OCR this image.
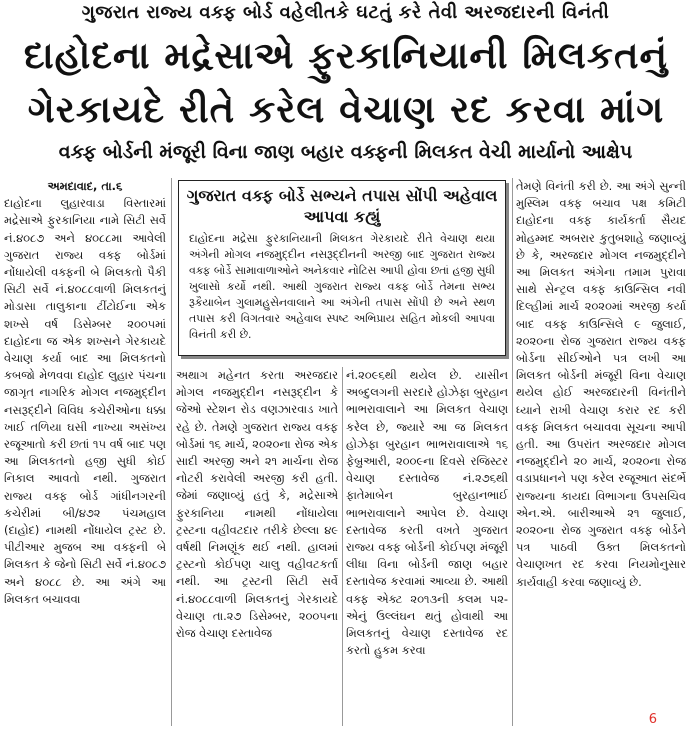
ગુજરાત રાજ્ય વક્ફ બોર્ડ વહેલીતકે ઘટતું કરે તેવી અરજદારની વિનંતી
દાહોદના મદ્રેસાએ ફુરકાનિયાની મિલકતનું
ગેરકાયદે રીતે કરેલ વેચાણ રદ કરવા માંગ
વક્ફ બોર્ડની મંજૂરી વિના જાણ બહાર વક્ફની મિલકત વેચી માર્યાનો આક્ષેપ
અમદાવાદ, તા.૬
દાહોદના લુહારવાડા વિસ્તારમાં મદ્રેસાએ ફુરકાનિયા નામે સિટી સર્વે નં.૪૦૮૭ અને ૪૦૮૮મા આવેલી ગુજરાત રાજ્ય વક્ફ બોર્ડમાં નોંધાયેલી વક્ફની બે મિલકતો પૈકી સિટી સર્વે નં.૪૦૮૮વાળી મિલકતનું મોડાસા તાલુકાના ટીંટોઈના એક શખ્સે વર્ષ ડિસેમ્બર ૨૦૦૫માં દાહોદના જ એક શખ્સને ગેરકાયદે વેચાણ કર્યા બાદ આ મિલકતનો કબજો મેળવવા દાહોદ લુહાર પંચના જાગૃત નાગરિક મોગલ નજમુદ્દીન નસરૂદ્દીને વિવિધ કચેરીઓના ધક્કા ખાઈ તળિયા ઘસી નાખ્યા અસંખ્ય રજૂઆતો કરી છતાં ૧૫ વર્ષ બાદ પણ આ મિલકતનો હજી સુધી કોઈ નિકાલ આવતો નથી. ગુજરાત રાજ્ય વક્ફ બોર્ડ ગાંધીનગરની કચેરીમાં બી/૪૭૨ પંચમહાલ (દાહોદ) નામથી નોંધાયેલ ટ્રસ્ટ છે. પીટીઆર મુજબ આ વક્ફની બે મિલકત કે જેનો સિટી સર્વે નં.૪૦૮૭ અને ૪૦૮૮ છે. આ અંગે આ મિલકત બચાવવા
ગુજરાત વક્ફ બોર્ડે સભ્યને તપાસ સોંપી અહેવાલ આપવા કહ્યું
દાહોદના મદ્રેસા ફુરકાનિયાની મિલકત ગેરકાયદે રીતે વેચાણ થયા અંગેની મોગલ નજમુદ્દીન નસરૂદ્દીનની અરજી બાદ ગુજરાત રાજ્ય વક્ફ બોર્ડે સામાવાળાઓને અનેકવાર નોટિસ આપી હોવા છતાં હજી સુધી ખુલાસો કર્યો નથી. આથી ગુજરાત રાજ્ય વક્ફ બોર્ડે તેમના સભ્ય રૂકૈયાબેન ગુલામહુસેનવાલાને આ અંગેની તપાસ સોંપી છે અને સ્થળ તપાસ કરી વિગતવાર અહેવાલ સ્પષ્ટ અભિપ્રાય સહિત મોકલી આપવા વિનંતી કરી છે.
અથાગ મહેનત કરતા અરજદાર મોગલ નજમુદ્દીન નસરૂદ્દીન કે જેઓ સ્ટેશન રોડ વણઝારવાડ ખાતે રહે છે. તેમણે ગુજરાત રાજ્ય વક્ફ બોર્ડમાં ૧૬ માર્ચ, ૨૦૨૦ના રોજ એક સાદી અરજી અને ૨૧ માર્ચના રોજ નોટરી કરાવેલી અરજી કરી હતી. જેમાં જણાવ્યું હતું કે, મદ્રેસાએ ફુરકાનિયા નામથી નોંધાયેલા ટ્રસ્ટના વહીવટદાર તરીકે છેલ્લા ૪૯ વર્ષથી નિમણૂંક થઈ નથી. હાલમાં ટ્રસ્ટનો કોઈપણ ચાલુ વહીવટકર્તા નથી. આ ટ્રસ્ટની સિટી સર્વે નં.૪૦૮૮વાળી મિલકતનું ગેરકાયદે વેચાણ તા.૨૭ ડિસેમ્બર, ૨૦૦૫ના રોજ વેચાણ દસ્તાવેજ
નં.૨૦૯૬થી થયેલ છે. યાસીન અબ્દુલગની સરદારે હોઝેફા બુરહાન ભાભરાવાલાને આ મિલકત વેચાણ કરેલ છે, જ્યારે આ જ મિલકત હોઝેફા બુરહાન ભાભરાવાલાએ ૧૬ ફેબ્રુઆરી, ૨૦૦૯ના દિવસે રજિસ્ટર વેચાણ દસ્તાવેજ નં.૨૭૬થી ફાતેમાબેન બુરહાનભાઈ ભાભરાવાલાને આપેલ છે. વેચાણ દસ્તાવેજ કરતી વખતે ગુજરાત રાજ્ય વક્ફ બોર્ડની કોઈપણ મંજૂરી લીધા વિના બોર્ડની જાણ બહાર દસ્તાવેજ કરવામાં આવ્યા છે. આથી વક્ફ એક્ટ ૨૦૧૩ની કલમ ૫૨-એનું ઉલ્લંઘન થતું હોવાથી આ મિલકતનું વેચાણ દસ્તાવેજ રદ કરતો હુકમ કરવા
તેમણે વિનંતી કરી છે. આ અંગે સુન્ની મુસ્લિમ વક્ફ બચાવ પક્ષ કમિટી દાહોદના વક્ફ કાર્યકર્તા સૈયદ મોહમ્મદ અબરાર કુતુબશાહે જણાવ્યું છે કે, અરજદાર મોગલ નજમુદ્દીને આ મિલકત અંગેના તમામ પુરાવા સાથે સેન્ટ્રલ વક્ફ કાઉન્સિલ નવી દિલ્હીમાં માર્ચ ૨૦૨૦માં અરજી કર્યા બાદ વક્ફ કાઉન્સિલે ૯ જુલાઈ, ૨૦૨૦ના રોજ ગુજરાત રાજ્ય વક્ફ બોર્ડના સીઈઓને પત્ર લખી આ મિલકત બોર્ડની મંજૂરી વિના વેચાણ થયેલ હોઈ અરજદારની વિનંતીને ધ્યાને રાખી વેચાણ કરાર રદ કરી વક્ફ મિલકત બચાવવા સૂચના આપી હતી. આ ઉપરાંત અરજદાર મોગલ નજમુદ્દીને ૨૦ માર્ચ, ૨૦૨૦ના રોજ વડાપ્રધાનને પણ કરેલ રજૂઆત સંદર્ભે રાજ્યના કાયદા વિભાગના ઉપસચિવ એન.એ. બારીઆએ ૨૧ જુલાઈ, ૨૦૨૦ના રોજ ગુજરાત વક્ફ બોર્ડને પત્ર પાઠવી ઉક્ત મિલકતનો વેચાણખત રદ કરવા નિયમોનુસાર કાર્યવાહી કરવા જણાવ્યું છે.
6
